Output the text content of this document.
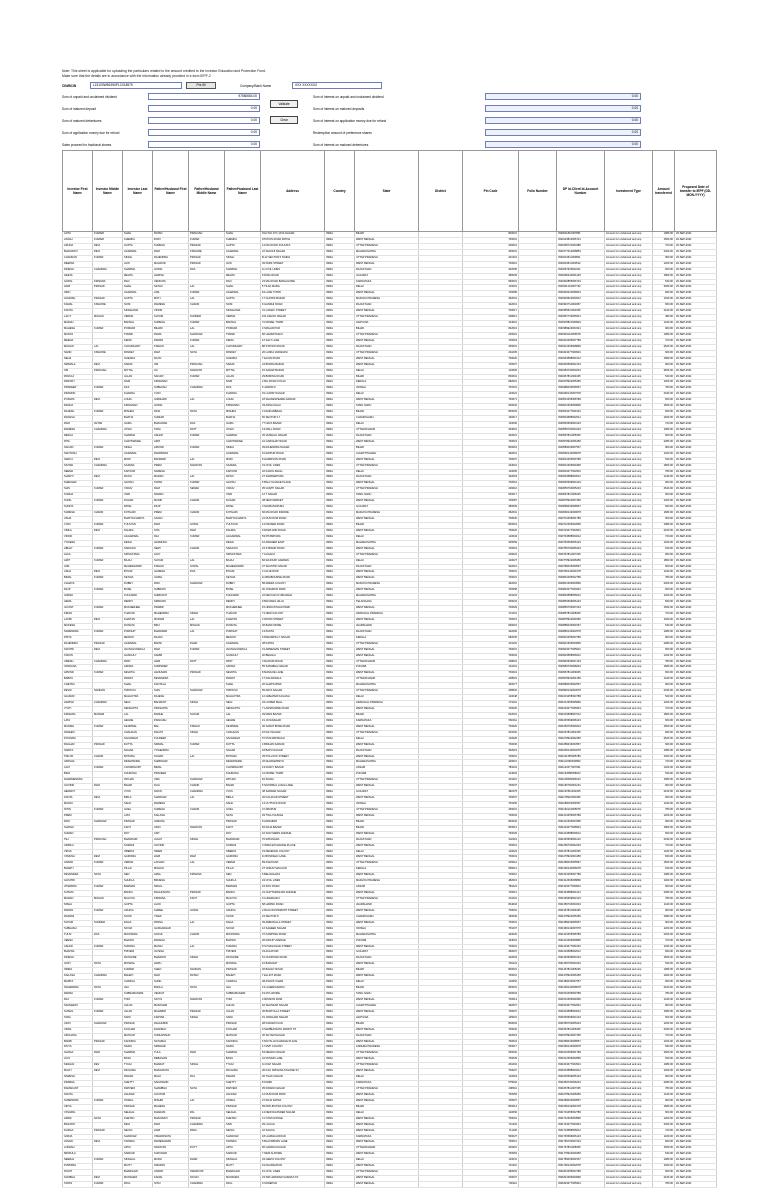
Note: This sheet is applicable for uploading the particulars related to the amount credited to the Investor Education and Protection Fund.
Make sure that the details are in accordance with the information already provided in e-form IEPF-2
CIN/BCIN	L15100WB1950PLC018975	Pre-fill	Company/Bank Name	XXX XXXXXXX
Sum of unpaid and unclaimed dividend	97580654.00
Sum of matured deposit	0.00
Sum of matured debentures	0.00
Sum of application money due for refund	0.00
Sales proceed for fractional shares	0.00
Validate
Clear
Sum of interest on unpaid and unclaimed dividend	0.00
Sum of interest on matured deposits	0.00
Sum of interest on application money due for refund	0.00
Redemption amount of preference shares	0.00
Sum of interest on matured debentures	0.00
Investor First Name	Investor Middle Name	Investor Last Name	Father/Husband First Name	Father/Husband Middle Name	Father/Husband Last Name	Address	Country	State	District	Pin Code	Folio Number	DP Id-Client Id-Account Number	Investment Type	Amount transferred	Proposed Date of transfer to IEPF (DD-MON-YYYY)
AJITA	KUMARI	SHAH	RATAN	PRAKASH	SHAH	OLD NO 17/1 JAYA NAGAR	INDIA	BIHAR		800001		IN30011810067851	Amount for unclaimed and unp	1080.00	20-SEP-2021
ANJALI	KUMARI	KHEMKA	BIJAY	KUMAR	KHEMKA	STATION ROAD PATNA	INDIA	WEST BENGAL		700001		IN30123810006721	Amount for unclaimed and unp	1500.00	20-SEP-2021
ARUNA	DEVI	GUPTA	SURESH	PRASAD	GUPTA	14 MG ROAD KOLKATA	INDIA	UTTAR PRADESH		226001		IN30155721003486	Amount for unclaimed and unp	720.00	20-SEP-2021
BHAGWATI	DEVI	AGARWAL	RAM	KISHORE	AGARWAL	22 SHIVAJI NAGAR	INDIA	MAHARASHTRA		400001		IN30177412008853	Amount for unclaimed and unp	2400.00	20-SEP-2021
CHANDAN	KUMAR	SINGH	RAJENDRA	PRASAD	SINGH	B-12 SECTOR 5 NOIDA	INDIA	UTTAR PRADESH		201301		IN30210511009841	Amount for unclaimed and unp	960.00	20-SEP-2021
DEEPAK		JAIN	MAHAVIR	PRASAD	JAIN	45 PARK STREET	INDIA	WEST BENGAL		700016		IN30223611000512	Amount for unclaimed and unp	1200.00	20-SEP-2021
DINESH	CHANDRA	SHARMA	GOPAL	DAS	SHARMA	11 CIVIL LINES	INDIA	RAJASTHAN		302006		IN30267933002211	Amount for unclaimed and unp	600.00	20-SEP-2021
GEETA		MEHTA	HARISH		MEHTA	8 RING ROAD	INDIA	GUJARAT		380009		IN30290244001245	Amount for unclaimed and unp	1800.00	20-SEP-2021
GOPAL	KRISHNA	RAO	VENKATA		RAO	23 MG ROAD BANGALORE	INDIA	KARNATAKA		560001		IN30302855006723	Amount for unclaimed and unp	540.00	20-SEP-2021
HARI	PRASAD	SHAH	NATHU	LAL	SHAH	5 TILAK MARG	INDIA	DELHI		110001		IN30311244007762	Amount for unclaimed and unp	3000.00	20-SEP-2021
INDU		AGARWAL	ANIL	KUMAR	AGARWAL	64 LAKE TOWN	INDIA	WEST BENGAL		700089		IN30325410008901	Amount for unclaimed and unp	840.00	20-SEP-2021
JAGDISH	PRASAD	GUPTA	MOTI	LAL	GUPTA	17 CHOWK BAZAR	INDIA	MADHYA PRADESH		452001		IN30333622004512	Amount for unclaimed and unp	1320.00	20-SEP-2021
KAMAL	KISHORE	SONI	RAMESH	CHAND	SONI	9 GANDHI ROAD	INDIA	RAJASTHAN		342001		IN30346711001867	Amount for unclaimed and unp	660.00	20-SEP-2021
KAVITA		SINGHANIA	VINOD		SINGHANIA	31 CAMAC STREET	INDIA	WEST BENGAL		700017		IN30355511002345	Amount for unclaimed and unp	2160.00	20-SEP-2021
LALIT	MOHAN	VERMA	SHYAM	SUNDER	VERMA	101 ASHOK NAGAR	INDIA	UTTAR PRADESH		208012		IN30367733005521	Amount for unclaimed and unp	480.00	20-SEP-2021
MADHU		BANSAL	SURESH	KUMAR	BANSAL	72 MODEL TOWN	INDIA	HARYANA		124001		IN30378821009934	Amount for unclaimed and unp	1440.00	20-SEP-2021
MAHESH	KUMAR	PODDAR	BIHARI	LAL	PODDAR	3 SIKHAR PUR	INDIA	BIHAR		842001		IN30389922003321	Amount for unclaimed and unp	900.00	20-SEP-2021
MANOJ		TIWARI	RAMA	SHANKAR	TIWARI	56 HAZRATGANJ	INDIA	UTTAR PRADESH		226001		IN30391144006678	Amount for unclaimed and unp	1080.00	20-SEP-2021
MEENA		KEDIA	PAWAN	KUMAR	KEDIA	12 SALT LAKE	INDIA	WEST BENGAL		700064		IN30401255007789	Amount for unclaimed and unp	720.00	20-SEP-2021
MOHAN	LAL	CHOUDHARY	KISHAN	LAL	CHOUDHARY	88 STATION ROAD	INDIA	RAJASTHAN		335001		IN30412366008890	Amount for unclaimed and unp	2520.00	20-SEP-2021
NAND	KISHORE	PANDEY	RAM	NATH	PANDEY	20 LANKA VARANASI	INDIA	UTTAR PRADESH		221005		IN30423477009901	Amount for unclaimed and unp	600.00	20-SEP-2021
NEHA		GOENKA	RAJIV		GOENKA	7 ELGIN ROAD	INDIA	WEST BENGAL		700020		IN30434588001012	Amount for unclaimed and unp	1680.00	20-SEP-2021
NIRMALA	DEVI	SARAF	OM	PRAKASH	SARAF	44 BURRA BAZAR	INDIA	WEST BENGAL		700007		IN30445699002123	Amount for unclaimed and unp	960.00	20-SEP-2021
OM	PRAKASH	MITTAL	JAI	NARAYAN	MITTAL	15 SADAR BAZAR	INDIA	DELHI		110006		IN30456700003234	Amount for unclaimed and unp	3600.00	20-SEP-2021
PANKAJ		JALAN	SANJAY	KUMAR	JALAN	29 BORING ROAD	INDIA	BIHAR		800001		IN30467811004345	Amount for unclaimed and unp	540.00	20-SEP-2021
PARVATI		NAIR	KRISHNAN		NAIR	4 MG ROAD KOCHI	INDIA	KERALA		682016		IN30478922005456	Amount for unclaimed and unp	1200.00	20-SEP-2021
PRADEEP	KUMAR	DAS	SUBHASH	CHANDRA	DAS	6 JANPATH	INDIA	ODISHA		751001		IN30489033006567	Amount for unclaimed and unp	780.00	20-SEP-2021
PRAMOD		KHANNA	VIJAY		KHANNA	91 LAJPAT NAGAR	INDIA	DELHI		110024		IN30490144007678	Amount for unclaimed and unp	2040.00	20-SEP-2021
PUSHPA	DEVI	LOHIA	GIRDHARI	LAL	LOHIA	18 SHAKESPEARE SARANI	INDIA	WEST BENGAL		700071		IN30501255008789	Amount for unclaimed and unp	660.00	20-SEP-2021
RADHA		KRISHNAN	GOPAL		KRISHNAN	33 ANNA SALAI	INDIA	TAMIL NADU		600002		IN30512366009890	Amount for unclaimed and unp	1560.00	20-SEP-2021
RAJESH	KUMAR	MISHRA	DINA	NATH	MISHRA	2 KANKARBAGH	INDIA	BIHAR		800020		IN30523477001901	Amount for unclaimed and unp	840.00	20-SEP-2021
RAKESH		BHATIA	SUDHIR		BHATIA	50 SECTOR 17	INDIA	CHANDIGARH		160017		IN30534588002012	Amount for unclaimed and unp	1920.00	20-SEP-2021
RAM	AVTAR	GARG	BHAGWAN	DAS	GARG	77 NAYA BAZAR	INDIA	DELHI		110006		IN30545699003123	Amount for unclaimed and unp	720.00	20-SEP-2021
RAMESH	CHANDRA	JOSHI	TARA	DATT	JOSHI	13 MALL ROAD	INDIA	UTTARAKHAND		263001		IN30556700004234	Amount for unclaimed and unp	1080.00	20-SEP-2021
REKHA		SHARMA	ASHOK	KUMAR	SHARMA	26 VAISHALI NAGAR	INDIA	RAJASTHAN		302021		IN30567811005345	Amount for unclaimed and unp	600.00	20-SEP-2021
RITA		CHATTERJEE	AMIT		CHATTERJEE	10 GARIAHAT ROAD	INDIA	WEST BENGAL		700019		IN30578922006456	Amount for unclaimed and unp	2280.00	20-SEP-2021
SANJAY	KUMAR	SINHA	ARVIND	KUMAR	SINHA	39 RAJENDRA NAGAR	INDIA	BIHAR		800016		IN30589033007567	Amount for unclaimed and unp	960.00	20-SEP-2021
SANTOSH		AGRAWAL	RAMNIWAS		AGRAWAL	61 RAIPUR ROAD	INDIA	CHHATTISGARH		492001		IN30590144008678	Amount for unclaimed and unp	1320.00	20-SEP-2021
SAROJ	DEVI	MODI	BANWARI	LAL	MODI	8 HARRISON ROAD	INDIA	WEST BENGAL		700007		IN30601255009789	Amount for unclaimed and unp	540.00	20-SEP-2021
SATISH	CHANDRA	SAXENA	PREM	NARAYAN	SAXENA	19 CIVIL LINES	INDIA	UTTAR PRADESH		243001		IN30612366001890	Amount for unclaimed and unp	1800.00	20-SEP-2021
SEEMA		KAPOOR	NARESH		KAPOOR	42 KAROL BAGH	INDIA	DELHI		110005		IN30623477002901	Amount for unclaimed and unp	780.00	20-SEP-2021
SHANTI	DEVI	RATHI	MADAN	LAL	RATHI	27 SARDARPURA	INDIA	RAJASTHAN		342003		IN30634588003012	Amount for unclaimed and unp	1440.00	20-SEP-2021
SHEKHAR		GHOSH	TAPAN	KUMAR	GHOSH	5 BALLYGUNGE PLACE	INDIA	WEST BENGAL		700019		IN30645699004123	Amount for unclaimed and unp	900.00	20-SEP-2021
SHIV	KUMAR	YADAV	RAM	SEWAK	YADAV	35 GOMTI NAGAR	INDIA	UTTAR PRADESH		226010		IN30656700005234	Amount for unclaimed and unp	2640.00	20-SEP-2021
SUDHA		IYER	RAMAN		IYER	12 T NAGAR	INDIA	TAMIL NADU		600017		IN30667811006345	Amount for unclaimed and unp	660.00	20-SEP-2021
SUNIL	KUMAR	DUGAR	MANIK	CHAND	DUGAR	48 NEW MARKET	INDIA	WEST BENGAL		700087		IN30678922007456	Amount for unclaimed and unp	1200.00	20-SEP-2021
SUNITA		PATEL	DILIP		PATEL	3 NAVRANGPURA	INDIA	GUJARAT		380009		IN30689033008567	Amount for unclaimed and unp	840.00	20-SEP-2021
SURESH	CHAND	KOTHARI	PREM	CHAND	KOTHARI	66 MG ROAD INDORE	INDIA	MADHYA PRADESH		452001		IN30690144009678	Amount for unclaimed and unp	1680.00	20-SEP-2021
USHA		BHATTACHARYA	ANJAN		BHATTACHARYA	21 DUM DUM ROAD	INDIA	WEST BENGAL		700030		IN30701255001789	Amount for unclaimed and unp	600.00	20-SEP-2021
VIJAY	KUMAR	TULSYAN	RAM	GOPAL	TULSYAN	14 FRASER ROAD	INDIA	BIHAR		800001		IN30712366002890	Amount for unclaimed and unp	1080.00	20-SEP-2021
VIMLA	DEVI	DALMIA	SITA	RAM	DALMIA	9 ROWLAND ROAD	INDIA	WEST BENGAL		700020		IN30723477003901	Amount for unclaimed and unp	2160.00	20-SEP-2021
VINOD		AGGARWAL	RAJ	KUMAR	AGGARWAL	53 PITAMPURA	INDIA	DELHI		110034		IN30734588004012	Amount for unclaimed and unp	720.00	20-SEP-2021
YOGESH		DESAI	HASMUKH		DESAI	16 ANDHERI EAST	INDIA	MAHARASHTRA		400069		IN30745699005123	Amount for unclaimed and unp	1320.00	20-SEP-2021
ABHAY	KUMAR	SARAOGI	NEMI	CHAND	SARAOGI	24 STRAND ROAD	INDIA	WEST BENGAL		700001		IN30756700006234	Amount for unclaimed and unp	540.00	20-SEP-2021
ALKA		SRIVASTAVA	AJAY		SRIVASTAVA	7 ALIGANJ	INDIA	UTTAR PRADESH		226024		IN30767811007345	Amount for unclaimed and unp	960.00	20-SEP-2021
AMIT	KUMAR	BAJAJ	SHYAM	LAL	BAJAJ	82 RAJOURI GARDEN	INDIA	DELHI		110027		IN30778922008456	Amount for unclaimed and unp	1800.00	20-SEP-2021
ANIL		MAHESHWARI	KISHAN	GOPAL	MAHESHWARI	37 SHASTRI NAGAR	INDIA	RAJASTHAN		302016		IN30789033009567	Amount for unclaimed and unp	660.00	20-SEP-2021
ASHA	DEVI	BIYANI	GANESH	DAS	BIYANI	4 CLIVE ROW	INDIA	WEST BENGAL		700001		IN30790144001678	Amount for unclaimed and unp	1440.00	20-SEP-2021
BIMAL	KUMAR	SETHIA	JAIPAL		SETHIA	11 BRABOURNE ROAD	INDIA	WEST BENGAL		700001		IN30801255002789	Amount for unclaimed and unp	780.00	20-SEP-2021
CHHAYA		DUBEY	RAVI	SHANKAR	DUBEY	58 ARERA COLONY	INDIA	MADHYA PRADESH		462016		IN30812366003890	Amount for unclaimed and unp	2400.00	20-SEP-2021
DILIP	KUMAR	BOSE	SUBRATA		BOSE	30 JODHPUR PARK	INDIA	WEST BENGAL		700068		IN30823477004901	Amount for unclaimed and unp	600.00	20-SEP-2021
GIRISH		KULKARNI	SHRIKANT		KULKARNI	22 DECCAN GYMKHANA	INDIA	MAHARASHTRA		411004		IN30834588005012	Amount for unclaimed and unp	1200.00	20-SEP-2021
HEMA		REDDY	SRINIVAS		REDDY	9 BANJARA HILLS	INDIA	TELANGANA		500034		IN30845699006123	Amount for unclaimed and unp	840.00	20-SEP-2021
JAYANT	KUMAR	MUKHERJEE	PRABIR		MUKHERJEE	15 HINDUSTHAN PARK	INDIA	WEST BENGAL		700029		IN30856700007234	Amount for unclaimed and unp	1560.00	20-SEP-2021
KIRAN		THAKUR	MAHENDRA	SINGH	THAKUR	71 NEW COLONY	INDIA	HIMACHAL PRADESH		171001		IN30867811008345	Amount for unclaimed and unp	720.00	20-SEP-2021
LAXMI	DEVI	KHAITAN	MURARI	LAL	KHAITAN	2 WOOD STREET	INDIA	WEST BENGAL		700016		IN30878922009456	Amount for unclaimed and unp	1920.00	20-SEP-2021
MUKESH		RUNGTA	BRIJ	MOHAN	RUNGTA	46 BANK MORE	INDIA	JHARKHAND		826001		IN30889033001567	Amount for unclaimed and unp	540.00	20-SEP-2021
NARENDRA	KUMAR	PUROHIT	BHANWAR	LAL	PUROHIT	13 PAOTA	INDIA	RAJASTHAN		342006		IN30890144002678	Amount for unclaimed and unp	1080.00	20-SEP-2021
PRIYA		MENON	RAJAN		MENON	6 PANAMPILLY NAGAR	INDIA	KERALA		682036		IN30901255003789	Amount for unclaimed and unp	900.00	20-SEP-2021
RAJENDRA	PRASAD	AGRAWAL	BANSI	DHAR	AGRAWAL	28 KATRA	INDIA	UTTAR PRADESH		211002		IN30912366004890	Amount for unclaimed and unp	2280.00	20-SEP-2021
SAVITRI	DEVI	JHUNJHUNWALA	RAM	KUMAR	JHUNJHUNWALA	19 ARMENIAN STREET	INDIA	WEST BENGAL		700001		IN30923477005901	Amount for unclaimed and unp	660.00	20-SEP-2021
TARUN		GANGULY	SAMIR		GANGULY	40 BEHALA	INDIA	WEST BENGAL		700034		IN30934588006012	Amount for unclaimed and unp	1320.00	20-SEP-2021
UMESH	CHANDRA	PANT	HARI	DATT	PANT	3 RAJPUR ROAD	INDIA	UTTARAKHAND		248001		IN30945699007123	Amount for unclaimed and unp	780.00	20-SEP-2021
VANDANA		ARORA	SURINDER		ARORA	55 SARABHA NAGAR	INDIA	PUNJAB		141001		IN30956700008234	Amount for unclaimed and unp	1680.00	20-SEP-2021
ARVIND	KUMAR	NEVATIA	HANUMAN	PRASAD	NEVATIA	8 MANGOE LANE	INDIA	WEST BENGAL		700001		IN30967811009345	Amount for unclaimed and unp	600.00	20-SEP-2021
BABITA		RAWAT	DEVENDRA		RAWAT	17 DALANWALA	INDIA	UTTARAKHAND		248001		IN30978922001456	Amount for unclaimed and unp	1440.00	20-SEP-2021
CHETAN		SHAH	KANTILAL		SHAH	26 GHATKOPAR	INDIA	MAHARASHTRA		400077		IN30989033002567	Amount for unclaimed and unp	960.00	20-SEP-2021
DEVKI	NANDAN	TRIPATHI	SHIV	SHANKAR	TRIPATHI	65 ARYA NAGAR	INDIA	UTTAR PRADESH		208002		IN30990144003678	Amount for unclaimed and unp	2040.00	20-SEP-2021
GAURAV		MALHOTRA	RAJESH		MALHOTRA	12 GREATER KAILASH	INDIA	DELHI		110048		IN31001255004789	Amount for unclaimed and unp	540.00	20-SEP-2021
HARISH	CHANDRA	NEGI	BALWANT	SINGH	NEGI	34 LOWER MALL	INDIA	HIMACHAL PRADESH		171001		IN31012366005890	Amount for unclaimed and unp	1200.00	20-SEP-2021
JYOTI		SENGUPTA	PRASANTA		SENGUPTA	7 LANSDOWNE ROAD	INDIA	WEST BENGAL		700026		IN31023477006901	Amount for unclaimed and unp	720.00	20-SEP-2021
KRISHNA	MURARI	LAL	RADHE	SHYAM	LAL	49 MAIN BAZAR	INDIA	BIHAR		812001		IN31034588007012	Amount for unclaimed and unp	1800.00	20-SEP-2021
LATA		HEGDE	PRAKASH		HEGDE	21 JAYANAGAR	INDIA	KARNATAKA		560011		IN31045699008123	Amount for unclaimed and unp	660.00	20-SEP-2021
MANISH	KUMAR	KEJRIWAL	BAL	KISHAN	KEJRIWAL	36 SARAT BOSE ROAD	INDIA	WEST BENGAL		700020		IN31056700009234	Amount for unclaimed and unp	1560.00	20-SEP-2021
NAVEEN		CHAUHAN	RANJIT	SINGH	CHAUHAN	10 RAJ NAGAR	INDIA	UTTAR PRADESH		201002		IN31067811001345	Amount for unclaimed and unp	840.00	20-SEP-2021
POONAM		SACHDEVA	KULDEEP		SACHDEVA	57 PUNJABI BAGH	INDIA	DELHI		110026		IN31078922002456	Amount for unclaimed and unp	2520.00	20-SEP-2021
RAGHAV	PRASAD	DUTTA	NIRMAL	KUMAR	DUTTA	4 BIDHAN SARANI	INDIA	WEST BENGAL		700006		IN31089033003567	Amount for unclaimed and unp	600.00	20-SEP-2021
SARITA		NAGAR	YOGENDRA		NAGAR	18 BAPU NAGAR	INDIA	RAJASTHAN		302015		IN31090144004678	Amount for unclaimed and unp	1080.00	20-SEP-2021
TRILOK	CHAND	BOTHRA	SOHAN	LAL	BOTHRA	25 POLLOCK STREET	INDIA	WEST BENGAL		700001		IN31101255005789	Amount for unclaimed and unp	1920.00	20-SEP-2021
VARSHA		DESHPANDE	SHRIDHAR		DESHPANDE	32 DHARAMPETH	INDIA	MAHARASHTRA		440010		IN31112366006890	Amount for unclaimed and unp	720.00	20-SEP-2021
AJAY	KUMAR	CHOWDHURY	BIMAL		CHOWDHURY	13 FANCY BAZAR	INDIA	ASSAM		781001		IN31123477007901	Amount for unclaimed and unp	1320.00	20-SEP-2021
BINA		KHURANA	PRAVEEN		KHURANA	41 MODEL TOWN	INDIA	PUNJAB		144003		IN31134588008012	Amount for unclaimed and unp	540.00	20-SEP-2021
DHARMENDRA		PATHAK	UMA	SHANKAR	PATHAK	62 SIGRA	INDIA	UTTAR PRADESH		221010		IN31145699009123	Amount for unclaimed and unp	1680.00	20-SEP-2021
GOVIND	RAM	BAGRI	DULI	CHAND	BAGRI	5 NOORMAL LOHIA LANE	INDIA	WEST BENGAL		700007		IN31156700001234	Amount for unclaimed and unp	900.00	20-SEP-2021
HEMANT		VYAS	NAVIN	CHANDRA	VYAS	38 SARDAR NAGAR	INDIA	GUJARAT		382475		IN31167811002345	Amount for unclaimed and unp	2160.00	20-SEP-2021
KANTA	DEVI	BIRLA	SHANKAR	LAL	BIRLA	20 KALAKAR STREET	INDIA	WEST BENGAL		700007		IN31178922003456	Amount for unclaimed and unp	660.00	20-SEP-2021
MANJU		SAHU	RAMESH		SAHU	14 CUTTACK ROAD	INDIA	ODISHA		751006		IN31189033004567	Amount for unclaimed and unp	1440.00	20-SEP-2021
NITIN	KUMAR	GOEL	SURESH	CHAND	GOEL	47 ABUPUR	INDIA	UTTAR PRADESH		250001		IN31190144005678	Amount for unclaimed and unp	780.00	20-SEP-2021
PREM		LATA	KAILASH		NATH	29 TOLLYGUNGE	INDIA	WEST BENGAL		700033		IN31201255006789	Amount for unclaimed and unp	1200.00	20-SEP-2021
RAVI	SHANKAR	PRASAD	JAMUNA		PRASAD	8 ANISABAD	INDIA	BIHAR		800002		IN31212366007890	Amount for unclaimed and unp	960.00	20-SEP-2021
SHASHI		KANT	UDAY	NARAYAN	KANT	52 RAJA BAZAR	INDIA	BIHAR		800014		IN31223477008901	Amount for unclaimed and unp	1800.00	20-SEP-2021
SUMAN		ROY	ASIT		ROY	16 SOUTHERN AVENUE	INDIA	WEST BENGAL		700029		IN31234588009012	Amount for unclaimed and unp	600.00	20-SEP-2021
TEJ	PRAKASH	BHANDARI	JAGAT	SINGH	BHANDARI	70 RATANADA	INDIA	RAJASTHAN		342011		IN31245699001123	Amount for unclaimed and unp	2040.00	20-SEP-2021
URMILA		SOMANI	GOVIND		SOMANI	3 INDIA EXCHANGE PLACE	INDIA	WEST BENGAL		700001		IN31256700002234	Amount for unclaimed and unp	720.00	20-SEP-2021
VIKAS		OBEROI	INDER		OBEROI	23 DEFENCE COLONY	INDIA	DELHI		110024		IN31267811003345	Amount for unclaimed and unp	1320.00	20-SEP-2021
YAMUNA	DEVI	GARODIA	HARI	RAM	GARODIA	11 BONFIELD LANE	INDIA	WEST BENGAL		700001		IN31278922004456	Amount for unclaimed and unp	840.00	20-SEP-2021
ANAND	KUMAR	VERMA	LAKHAN	LAL	VERMA	59 ASHIYANA	INDIA	UTTAR PRADESH		226012		IN31289033005567	Amount for unclaimed and unp	1560.00	20-SEP-2021
BHARTI		PILLAI	MOHAN		PILLAI	27 VAZHUTHACAUD	INDIA	KERALA		695014		IN31290144006678	Amount for unclaimed and unp	540.00	20-SEP-2021
DEVENDRA	NATH	SEN	AMAL	KRISHNA	SEN	6 BELIAGHATA	INDIA	WEST BENGAL		700010		IN31301255007789	Amount for unclaimed and unp	1080.00	20-SEP-2021
GAYATRI		SHUKLA	BRIJESH		SHUKLA	43 CIVIL LINES	INDIA	MADHYA PRADESH		482001		IN31312366008890	Amount for unclaimed and unp	1920.00	20-SEP-2021
JITENDRA	KUMAR	BARMAN	NIKHIL		BARMAN	15 ZOO ROAD	INDIA	ASSAM		781024		IN31323477009901	Amount for unclaimed and unp	660.00	20-SEP-2021
KUSUM		BANKA	RAGHUNATH	PRASAD	BANKA	31 CHITTARANJAN AVENUE	INDIA	WEST BENGAL		700012		IN31334588001012	Amount for unclaimed and unp	2280.00	20-SEP-2021
MADAN	MOHAN	MALVIYA	KRISHNA	KANT	MALVIYA	9 LUKERGANJ	INDIA	UTTAR PRADESH		211001		IN31345699002123	Amount for unclaimed and unp	780.00	20-SEP-2021
NISHA		GUPTA	ALOK		GUPTA	68 HARMU ROAD	INDIA	JHARKHAND		834002		IN31356700003234	Amount for unclaimed and unp	1440.00	20-SEP-2021
PAWAN	KUMAR	ADUKIA	SHREE	GOPAL	ADUKIA	2 RAJA WOODMUNT STREET	INDIA	WEST BENGAL		700001		IN31367811004345	Amount for unclaimed and unp	900.00	20-SEP-2021
RASHMI		SOOD	VIVEK		SOOD	24 SECTOR 8	INDIA	CHANDIGARH		160009		IN31378922005456	Amount for unclaimed and unp	1680.00	20-SEP-2021
SHYAM	SUNDER	DAGA	PANNA	LAL	DAGA	45 AMRATALLA STREET	INDIA	WEST BENGAL		700001		IN31389033006567	Amount for unclaimed and unp	600.00	20-SEP-2021
SUBHASH		NAYAK	GANGADHAR		NAYAK	12 SAHEED NAGAR	INDIA	ODISHA		751007		IN31390144007678	Amount for unclaimed and unp	1200.00	20-SEP-2021
TULSI	DAS	MOONDRA	GOKUL	CHAND	MOONDRA	37 KAMPTEE ROAD	INDIA	MAHARASHTRA		440026		IN31401255008789	Amount for unclaimed and unp	2400.00	20-SEP-2021
VEENA		BHASIN	RAKESH		BHASIN	20 RANJIT AVENUE	INDIA	PUNJAB		143001		IN31412366009890	Amount for unclaimed and unp	720.00	20-SEP-2021
ASHOK	KUMAR	SURANA	MANGI	LAL	SURANA	8 SYNAGOGUE STREET	INDIA	WEST BENGAL		700001		IN31423477001901	Amount for unclaimed and unp	1320.00	20-SEP-2021
BHAVNA		TRIVEDI	JAYESH		TRIVEDI	33 ALKAPURI	INDIA	GUJARAT		390007		IN31434588002012	Amount for unclaimed and unp	840.00	20-SEP-2021
DINESH		RATHORE	BHAIRON	SINGH	RATHORE	51 CHOPASNI ROAD	INDIA	RAJASTHAN		342003		IN31445699003123	Amount for unclaimed and unp	1560.00	20-SEP-2021
GOPI	NATH	MONDAL	HARU		MONDAL	10 BARASAT	INDIA	WEST BENGAL		700124		IN31456700004234	Amount for unclaimed and unp	540.00	20-SEP-2021
INDRA		KUMARI	SHEO	NANDAN	PRASAD	26 BAILEY ROAD	INDIA	BIHAR		800001		IN31467811005345	Amount for unclaimed and unp	1080.00	20-SEP-2021
KAILASH	CHANDRA	BAHETI	RAM	RATAN	BAHETI	7 ELLIOT ROAD	INDIA	WEST BENGAL		700016		IN31478922006456	Amount for unclaimed and unp	1920.00	20-SEP-2021
MAMTA		CHAWLA	SUNIL		CHAWLA	48 ASHOK VIHAR	INDIA	DELHI		110052		IN31489033007567	Amount for unclaimed and unp	660.00	20-SEP-2021
NAGENDRA	NATH	JHA	BHOLA	NATH	JHA	13 LAHERIASARAI	INDIA	BIHAR		846001		IN31490144008678	Amount for unclaimed and unp	2160.00	20-SEP-2021
PADMA		SUBRAMANIAM	VENKAT		SUBRAMANIAM	19 MYLAPORE	INDIA	TAMIL NADU		600004		IN31501255009789	Amount for unclaimed and unp	780.00	20-SEP-2021
RAJ	KUMAR	TODI	SATYA	NARAYAN	TODI	4 MISSION ROW	INDIA	WEST BENGAL		700013		IN31512366001890	Amount for unclaimed and unp	1440.00	20-SEP-2021
SANGEETA		AHUJA	MANOHAR		AHUJA	62 SHANKAR NAGAR	INDIA	CHHATTISGARH		492007		IN31523477002901	Amount for unclaimed and unp	900.00	20-SEP-2021
SUSHIL	KUMAR	JALAN	MAHABIR	PRASAD	JALAN	36 BURTOLLA STREET	INDIA	WEST BENGAL		700007		IN31534588003012	Amount for unclaimed and unp	1680.00	20-SEP-2021
TARA		SAINI	KARTAR	SINGH	SAINI	15 JAWAHAR NAGAR	INDIA	HARYANA		125001		IN31545699004123	Amount for unclaimed and unp	600.00	20-SEP-2021
UDAY	SHANKAR	PRASAD	RAGHUBIR		PRASAD	28 KADAM KUAN	INDIA	BIHAR		800003		IN31556700005234	Amount for unclaimed and unp	1200.00	20-SEP-2021
VIMAL		KOCHAR	DHANRAJ		KOCHAR	9 SAMBHUNATH PANDIT ST	INDIA	WEST BENGAL		700020		IN31567811006345	Amount for unclaimed and unp	2040.00	20-SEP-2021
ARCHANA		MATHUR	SUDHANSHU		MATHUR	40 SHYAM NAGAR	INDIA	RAJASTHAN		302019		IN31578922007456	Amount for unclaimed and unp	720.00	20-SEP-2021
BADRI	PRASAD	KANODIA	NATHMAL		KANODIA	6 ROYAL EXCHANGE PLACE	INDIA	WEST BENGAL		700001		IN31589033008567	Amount for unclaimed and unp	1320.00	20-SEP-2021
DIVYA		NAIDU	SRIDHAR		NAIDU	17 MVP COLONY	INDIA	ANDHRA PRADESH		530017		IN31590144009678	Amount for unclaimed and unp	840.00	20-SEP-2021
GANGA	RAM	SHARMA	TULA	RAM	SHARMA	54 NEHRU NAGAR	INDIA	UTTAR PRADESH		250002		IN31601255001789	Amount for unclaimed and unp	1560.00	20-SEP-2021
JAYA		BASU	DEBASHIS		BASU	22 DOVER LANE	INDIA	WEST BENGAL		700029		IN31612366002890	Amount for unclaimed and unp	540.00	20-SEP-2021
KESHAV	DEV	TYAGI	BHARAT	SINGH	TYAGI	11 KAVI NAGAR	INDIA	UTTAR PRADESH		201002		IN31623477003901	Amount for unclaimed and unp	1080.00	20-SEP-2021
MALTI	DEVI	PACHISIA	BHAGIRATH		PACHISIA	30 KALI KRISHNA TAGORE ST	INDIA	WEST BENGAL		700007		IN31634588004012	Amount for unclaimed and unp	1920.00	20-SEP-2021
NARESH		PAHWA	MULK	RAJ	PAHWA	46 TILAK NAGAR	INDIA	DELHI		110018		IN31645699005123	Amount for unclaimed and unp	660.00	20-SEP-2021
PRABHA		SHETTY	SADANAND		SHETTY	8 KADRI	INDIA	KARNATAKA		575002		IN31656700006234	Amount for unclaimed and unp	2280.00	20-SEP-2021
RAMAKANT		DWIVEDI	SHAMBHU	NATH	DWIVEDI	35 KIDWAI NAGAR	INDIA	UTTAR PRADESH		208011		IN31667811007345	Amount for unclaimed and unp	780.00	20-SEP-2021
SAVITA		HALDAR	GOUTAM		HALDAR	12 DUM DUM PARK	INDIA	WEST BENGAL		700055		IN31678922008456	Amount for unclaimed and unp	1440.00	20-SEP-2021
SURENDRA	KUMAR	OSWAL	MISHRI	LAL	OSWAL	27 RAJA KATRA	INDIA	WEST BENGAL		700007		IN31689033009567	Amount for unclaimed and unp	900.00	20-SEP-2021
VIDYA		PRASAD	MAHESH		PRASAD	59 PATLIPUTRA COLONY	INDIA	BIHAR		800013		IN31690144001678	Amount for unclaimed and unp	1680.00	20-SEP-2021
YASHPAL		SEHGAL	DHARAM	PAL	SEHGAL	14 NEW RAJINDER NAGAR	INDIA	DELHI		110060		IN31701255002789	Amount for unclaimed and unp	600.00	20-SEP-2021
AMAR	NATH	KHETAN	BHAGWATI	PRASAD	KHETAN	3 LYONS RANGE	INDIA	WEST BENGAL		700001		IN31712366003890	Amount for unclaimed and unp	1200.00	20-SEP-2021
BASANTI		DEVI	RAM	CHANDRA	SAW	25 LILUAH	INDIA	WEST BENGAL		711204		IN31723477004901	Amount for unclaimed and unp	2400.00	20-SEP-2021
DURGA	PRASAD	NEOGI	HARI	PADA	NEOGI	42 SALKIA	INDIA	WEST BENGAL		711106		IN31734588005012	Amount for unclaimed and unp	720.00	20-SEP-2021
GIRIJA		SHANKAR	VISHWANATH		SHANKAR	18 LALBAGH ROAD	INDIA	KARNATAKA		560027		IN31745699006123	Amount for unclaimed and unp	1320.00	20-SEP-2021
JANAKI	DEVI	TAPARIA	RAMESHWAR		TAPARIA	5 BLACKBURN LANE	INDIA	WEST BENGAL		700012		IN31756700007234	Amount for unclaimed and unp	840.00	20-SEP-2021
LOKESH		ARYA	NARAYAN	DUTT	ARYA	50 GANDHI NAGAR	INDIA	UTTARAKHAND		249401		IN31767811008345	Amount for unclaimed and unp	1560.00	20-SEP-2021
MRIDULA		SARKAR	SUKUMAR		SARKAR	7 NEW ALIPORE	INDIA	WEST BENGAL		700053		IN31778922009456	Amount for unclaimed and unp	540.00	20-SEP-2021
NEERAJ	KUMAR	SINGHAL	MURLI	DHAR	SINGHAL	34 GEETA COLONY	INDIA	DELHI		110031		IN31789033001567	Amount for unclaimed and unp	1080.00	20-SEP-2021
PURNIMA		MAITY	SWAPAN		MAITY	19 KHARAGPUR	INDIA	WEST BENGAL		721301		IN31790144002678	Amount for unclaimed and unp	1920.00	20-SEP-2021
ROHIT		BHARGAVA	ANAND	SWAROOP	BHARGAVA	61 CIVIL LINES	INDIA	UTTAR PRADESH		282002		IN31801255003789	Amount for unclaimed and unp	660.00	20-SEP-2021
SHOBHA	DEVI	MUNDHRA	KAMAL	NAYAN	MUNDHRA	23 SIR HARIRAM GOENKA ST	INDIA	WEST BENGAL		700007		IN31812366004890	Amount for unclaimed and unp	2160.00	20-SEP-2021
TAPAS	KUMAR	PAUL	NITAI	CHANDRA	PAUL	9 SODEPUR	INDIA	WEST BENGAL		700110		IN31823477005901	Amount for unclaimed and unp	780.00	20-SEP-2021
